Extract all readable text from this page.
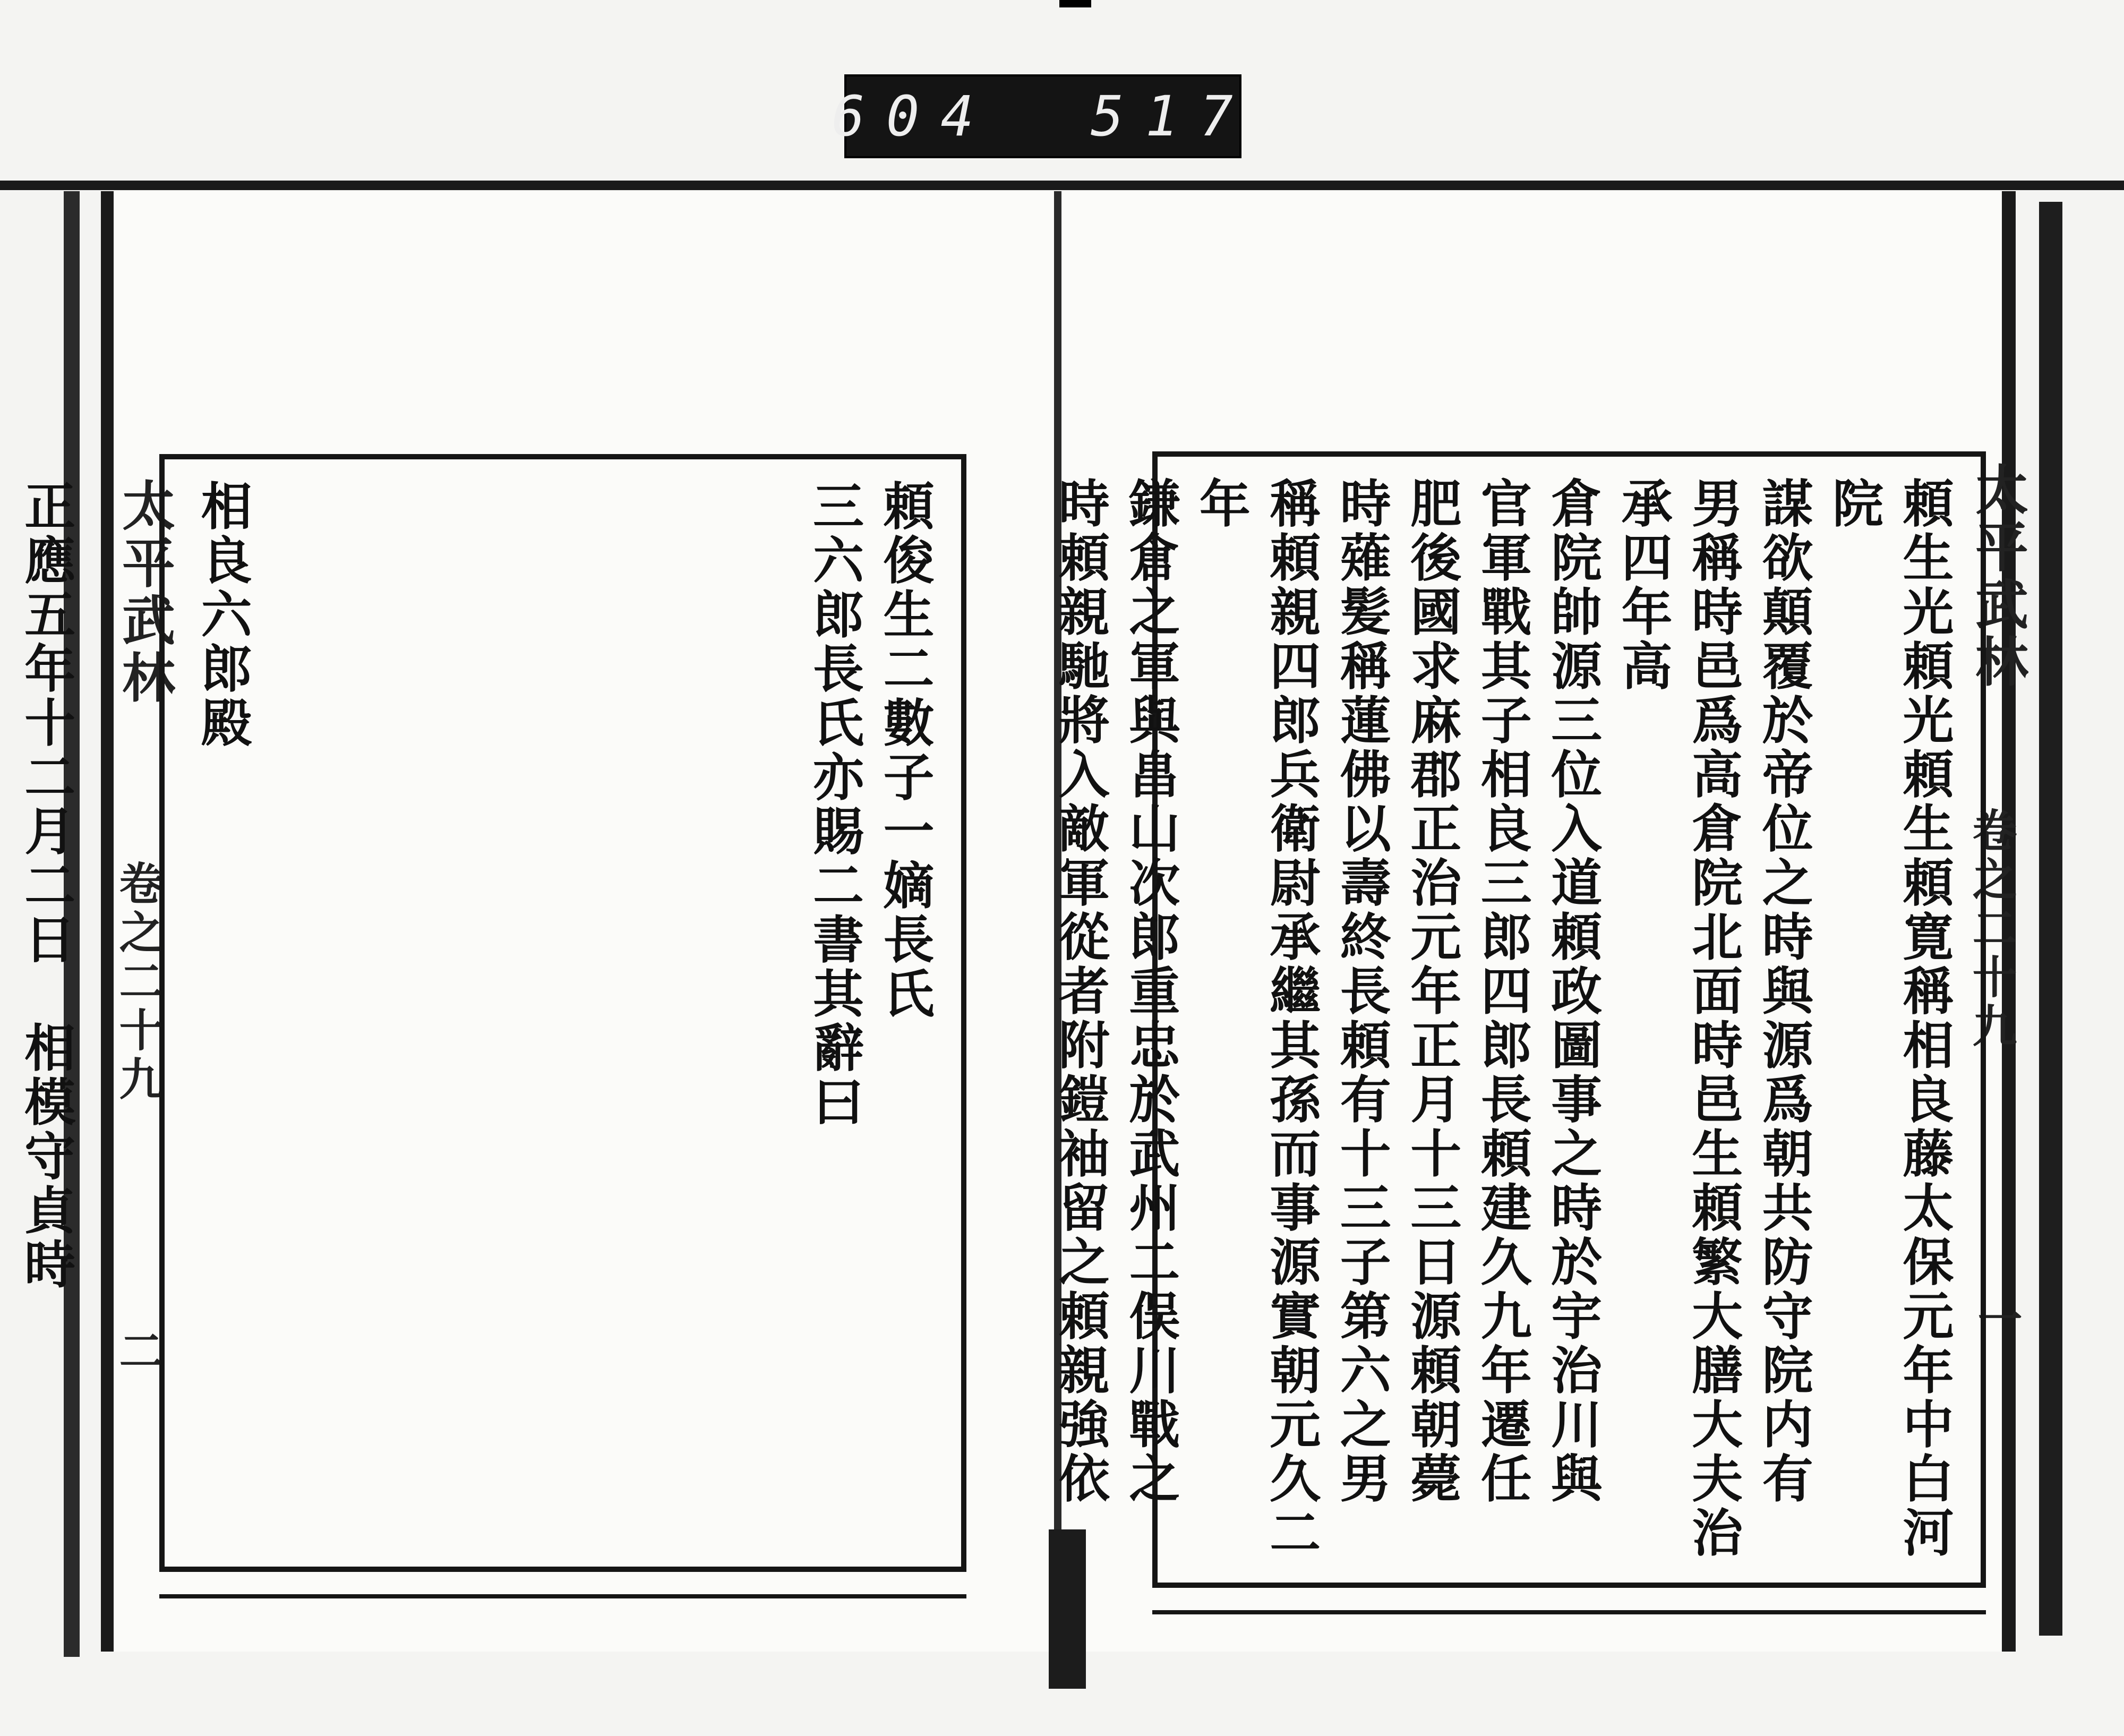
604 517
太平武林
卷之二十九
二

頼俊生二數子一嫡長氏

三六郎長氏亦賜二書其辭曰

相良六郎殿

正應五年十二月二日　相模守貞時	太平武林
卷之二十九
一

頼生光頼光頼生頼寛稱相良藤太保元年中白河院

謀欲顛覆於帝位之時與源爲朝共防守院内有

男稱時邑爲高倉院北面時邑生頼繁大膳大夫治承四年高

倉院帥源三位入道頼政圖事之時於宇治川與

官軍戰其子相良三郎四郎長頼建久九年遷任

肥後國求麻郡正治元年正月十三日源頼朝薨

時薙髪稱蓮佛以壽終長頼有十三子第六之男

稱頼親四郎兵衛尉承繼其孫而事源實朝元久二年

鎌倉之軍與畠山次郎重忠於武州二俣川戰之

時頼親馳將入敵軍從者附鎧袖留之頼親強依
